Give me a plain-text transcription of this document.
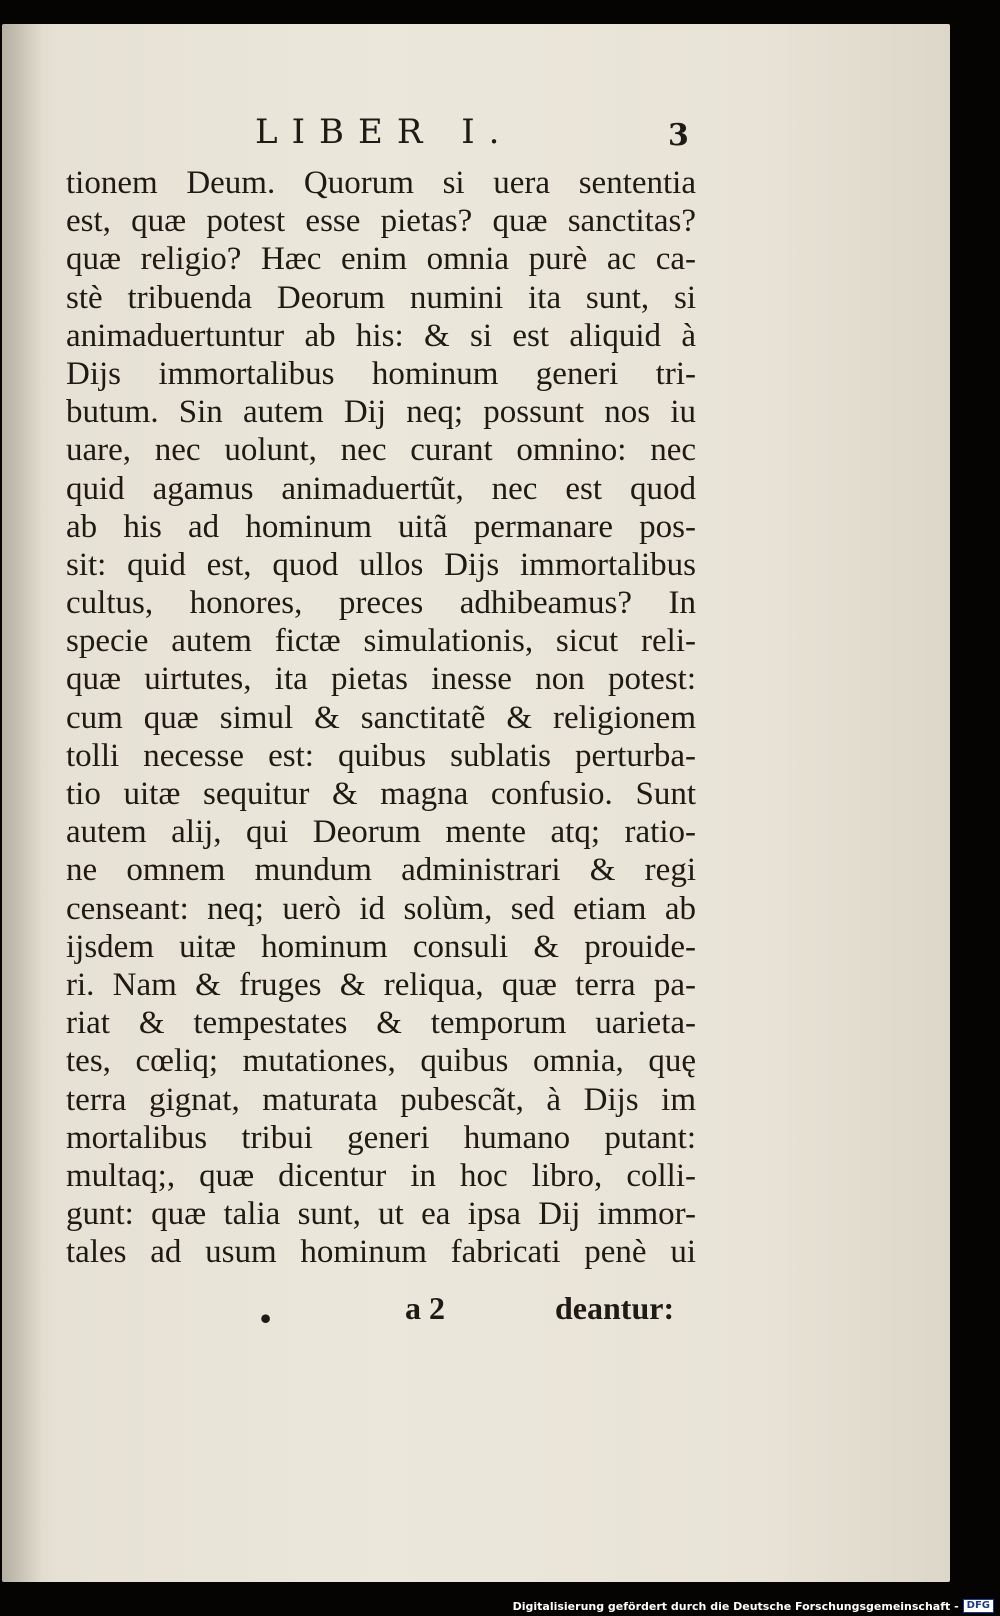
LIBER I.	3
tionem Deum. Quorum si uera sententia
est, quæ potest esse pietas? quæ sanctitas?
quæ religio? Hæc enim omnia purè ac ca-
stè tribuenda Deorum numini ita sunt, si
animaduertuntur ab his: & si est aliquid à
Dijs immortalibus hominum generi tri-
butum. Sin autem Dij neq; possunt nos iu
uare, nec uolunt, nec curant omnino: nec
quid agamus animaduertũt, nec est quod
ab his ad hominum uitã permanare pos-
sit: quid est, quod ullos Dijs immortalibus
cultus, honores, preces adhibeamus? In
specie autem fictæ simulationis, sicut reli-
quæ uirtutes, ita pietas inesse non potest:
cum quæ simul & sanctitatẽ & religionem
tolli necesse est: quibus sublatis perturba-
tio uitæ sequitur & magna confusio. Sunt
autem alij, qui Deorum mente atq; ratio-
ne omnem mundum administrari & regi
censeant: neq; uerò id solùm, sed etiam ab
ijsdem uitæ hominum consuli & prouide-
ri. Nam & fruges & reliqua, quæ terra pa-
riat & tempestates & temporum uarieta-
tes, cœliq; mutationes, quibus omnia, quę
terra gignat, maturata pubescãt, à Dijs im
mortalibus tribui generi humano putant:
multaq;, quæ dicentur in hoc libro, colli-
gunt: quæ talia sunt, ut ea ipsa Dij immor-
tales ad usum hominum fabricati penè ui
•	a 2	deantur:
Digitalisierung gefördert durch die Deutsche Forschungsgemeinschaft - DFG
